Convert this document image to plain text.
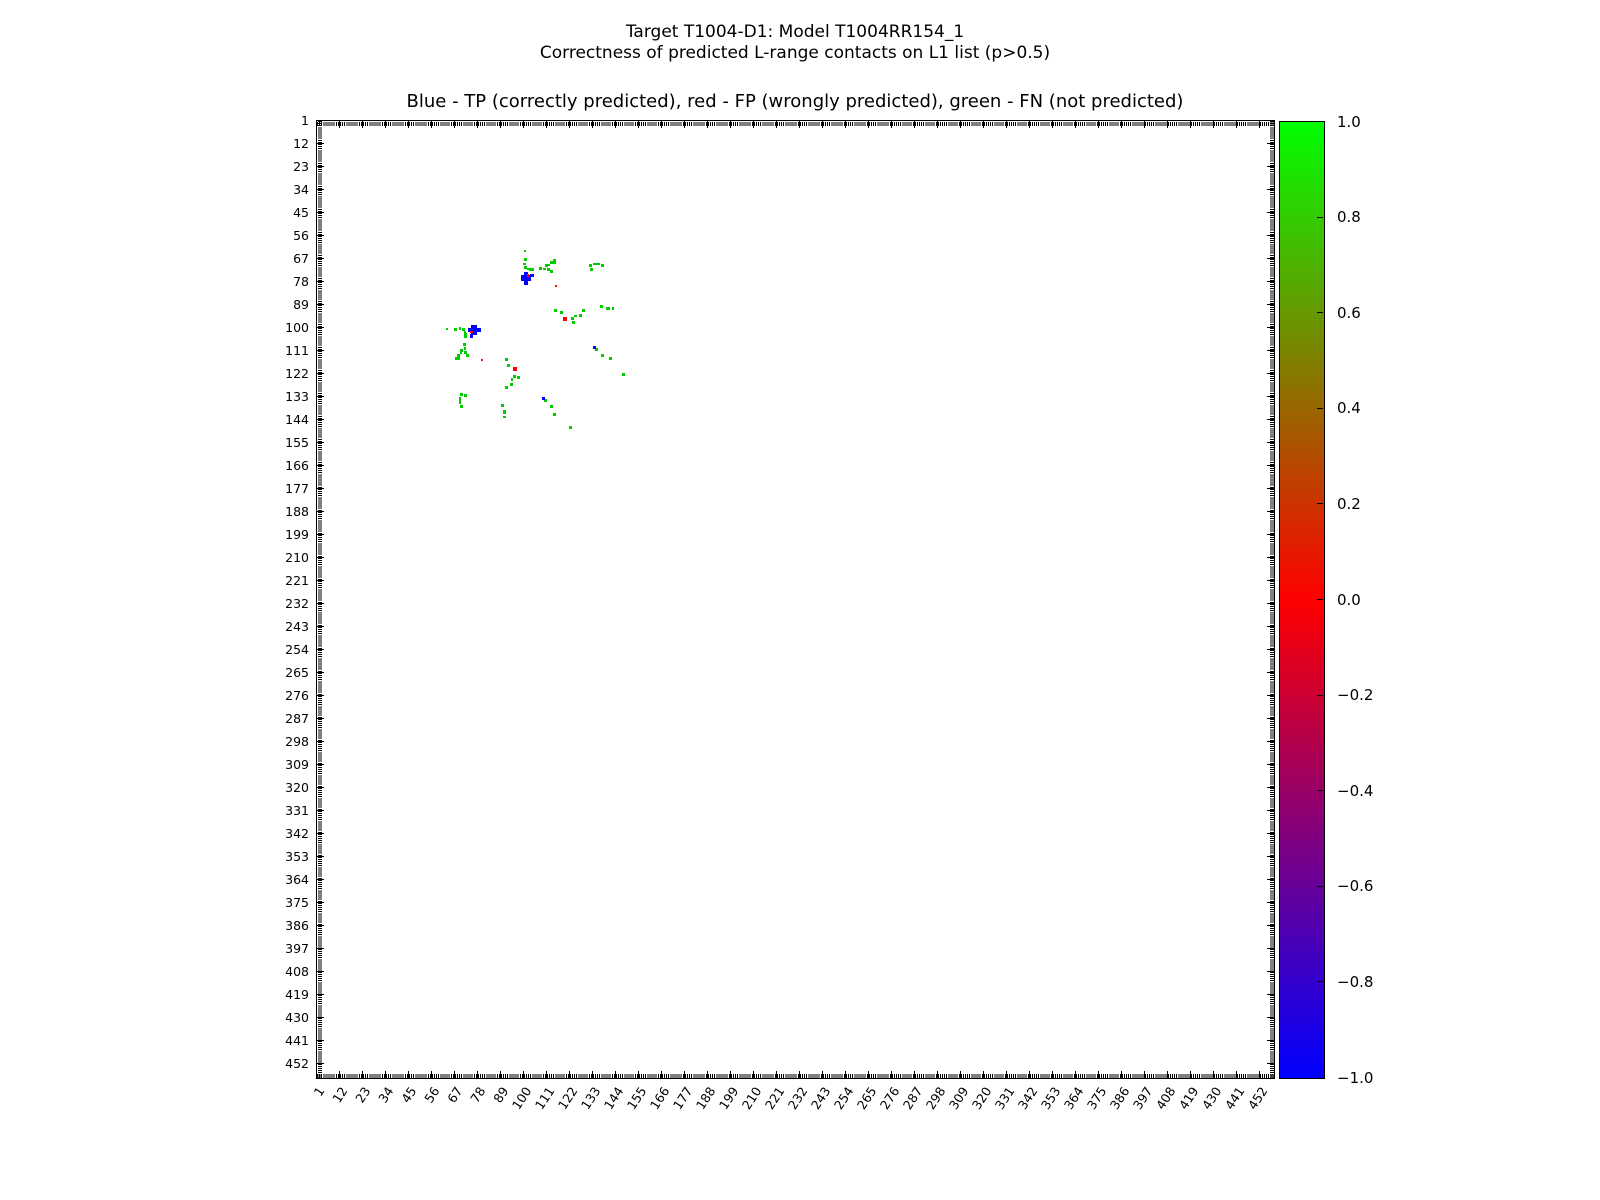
Target T1004-D1: Model T1004RR154_1
Correctness of predicted L-range contacts on L1 list (p>0.5)
Blue - TP (correctly predicted), red - FP (wrongly predicted), green - FN (not predicted)
1 12 23 34 45 56 67 78 89
100
111
122
133
144
155
166
177
188
199
210
221
232
243
254
265
276
287
298
309
320
331
342
353
364
375
386
397
408
419
430
441
452
1
12
23
34
45
56
67
78
89
100
111
122
133
144
155
166
177
188
199
210
221
232
243
254
265
276
287
298
309
320
331
342
353
364
375
386
397
408
419
430
441
452
1.0
0.8
0.6
0.4
0.2
0.0
−0.2
−0.4
−0.6
−0.8
−1.0
